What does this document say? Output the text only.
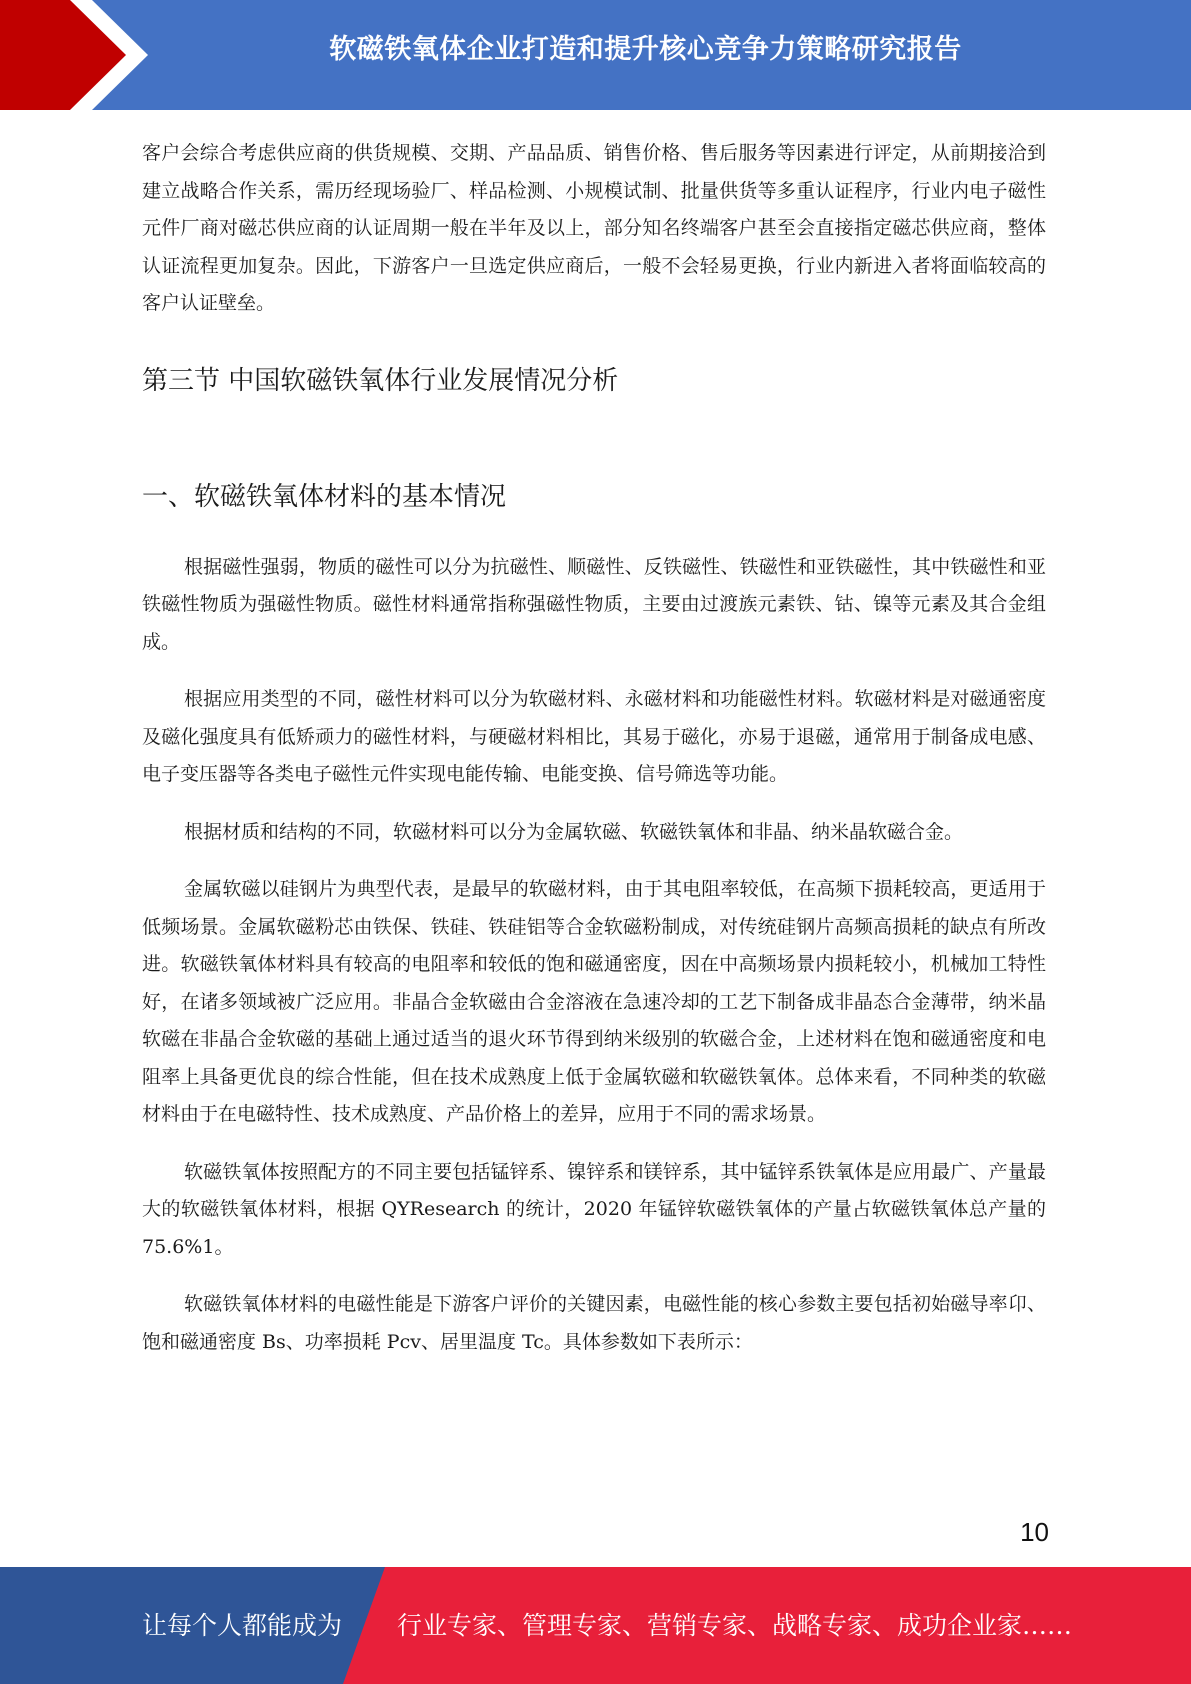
软磁铁氧体企业打造和提升核心竞争力策略研究报告

客户会综合考虑供应商的供货规模、交期、产品品质、销售价格、售后服务等因素进行评定，从前期接洽到建立战略合作关系，需历经现场验厂、样品检测、小规模试制、批量供货等多重认证程序，行业内电子磁性元件厂商对磁芯供应商的认证周期一般在半年及以上，部分知名终端客户甚至会直接指定磁芯供应商，整体认证流程更加复杂。因此，下游客户一旦选定供应商后，一般不会轻易更换，行业内新进入者将面临较高的客户认证壁垒。

第三节 中国软磁铁氧体行业发展情况分析
一、软磁铁氧体材料的基本情况

根据磁性强弱，物质的磁性可以分为抗磁性、顺磁性、反铁磁性、铁磁性和亚铁磁性，其中铁磁性和亚铁磁性物质为强磁性物质。磁性材料通常指称强磁性物质，主要由过渡族元素铁、钴、镍等元素及其合金组成。

根据应用类型的不同，磁性材料可以分为软磁材料、永磁材料和功能磁性材料。软磁材料是对磁通密度及磁化强度具有低矫顽力的磁性材料，与硬磁材料相比，其易于磁化，亦易于退磁，通常用于制备成电感、电子变压器等各类电子磁性元件实现电能传输、电能变换、信号筛选等功能。

根据材质和结构的不同，软磁材料可以分为金属软磁、软磁铁氧体和非晶、纳米晶软磁合金。

金属软磁以硅钢片为典型代表，是最早的软磁材料，由于其电阻率较低，在高频下损耗较高，更适用于低频场景。金属软磁粉芯由铁保、铁硅、铁硅铝等合金软磁粉制成，对传统硅钢片高频高损耗的缺点有所改进。软磁铁氧体材料具有较高的电阻率和较低的饱和磁通密度，因在中高频场景内损耗较小，机械加工特性好，在诸多领域被广泛应用。非晶合金软磁由合金溶液在急速冷却的工艺下制备成非晶态合金薄带，纳米晶软磁在非晶合金软磁的基础上通过适当的退火环节得到纳米级别的软磁合金，上述材料在饱和磁通密度和电阻率上具备更优良的综合性能，但在技术成熟度上低于金属软磁和软磁铁氧体。总体来看，不同种类的软磁材料由于在电磁特性、技术成熟度、产品价格上的差异，应用于不同的需求场景。

软磁铁氧体按照配方的不同主要包括锰锌系、镍锌系和镁锌系，其中锰锌系铁氧体是应用最广、产量最大的软磁铁氧体材料，根据 QYResearch 的统计，2020 年锰锌软磁铁氧体的产量占软磁铁氧体总产量的 75.6%1。

软磁铁氧体材料的电磁性能是下游客户评价的关键因素，电磁性能的核心参数主要包括初始磁导率卬、饱和磁通密度 Bs、功率损耗 Pcv、居里温度 Tc。具体参数如下表所示：

10
让每个人都能成为 行业专家、管理专家、营销专家、战略专家、成功企业家……
